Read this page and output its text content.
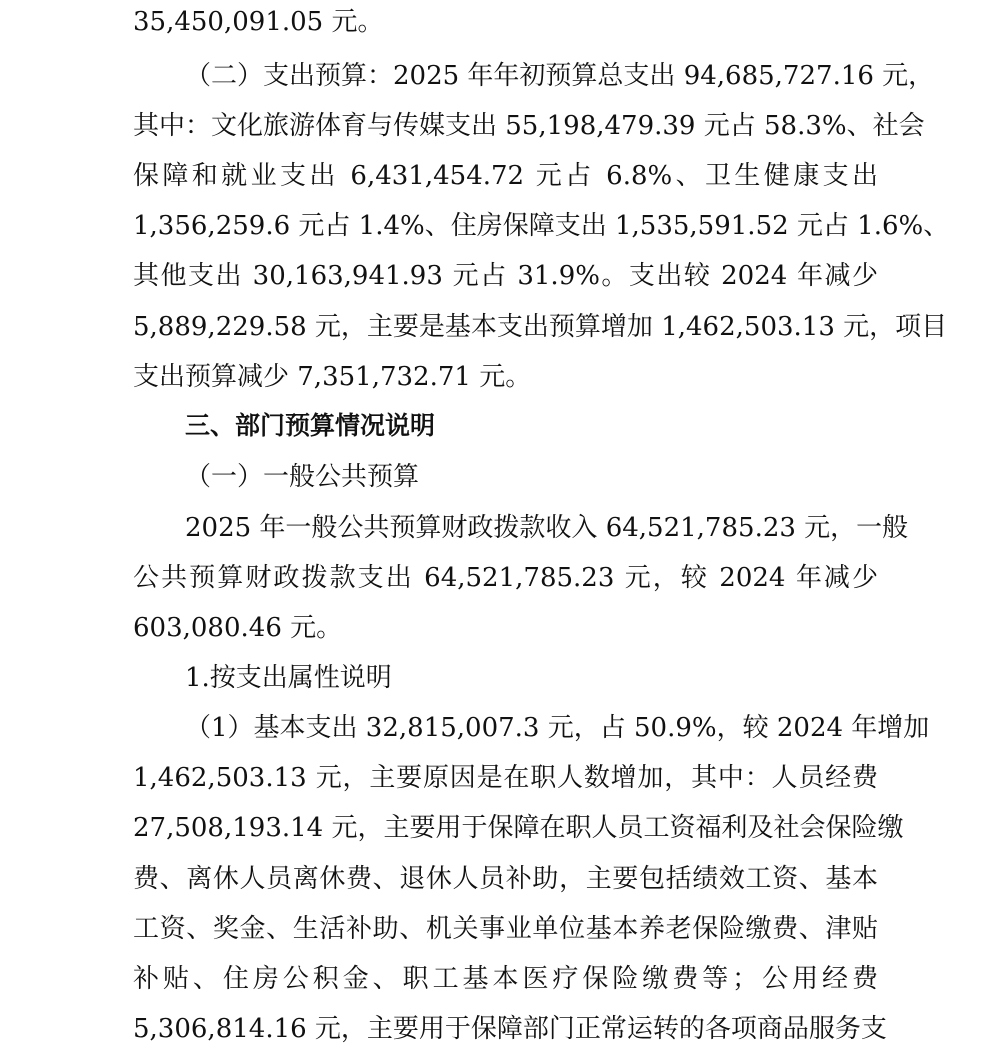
35,450,091.05 元。
（二）支出预算：2025 年年初预算总支出 94,685,727.16 元，
其中：文化旅游体育与传媒支出 55,198,479.39 元占 58.3%、社会
保障和就业支出 6,431,454.72 元占 6.8%、卫生健康支出
1,356,259.6 元占 1.4%、住房保障支出 1,535,591.52 元占 1.6%、
其他支出 30,163,941.93 元占 31.9%。支出较 2024 年减少
5,889,229.58 元，主要是基本支出预算增加 1,462,503.13 元，项目
支出预算减少 7,351,732.71 元。
三、部门预算情况说明
（一）一般公共预算
2025 年一般公共预算财政拨款收入 64,521,785.23 元，一般
公共预算财政拨款支出 64,521,785.23 元，较 2024 年减少
603,080.46 元。
1.按支出属性说明
（1）基本支出 32,815,007.3 元，占 50.9%，较 2024 年增加
1,462,503.13 元，主要原因是在职人数增加，其中：人员经费
27,508,193.14 元，主要用于保障在职人员工资福利及社会保险缴
费、离休人员离休费、退休人员补助，主要包括绩效工资、基本
工资、奖金、生活补助、机关事业单位基本养老保险缴费、津贴
补贴、住房公积金、职工基本医疗保险缴费等；公用经费
5,306,814.16 元，主要用于保障部门正常运转的各项商品服务支
